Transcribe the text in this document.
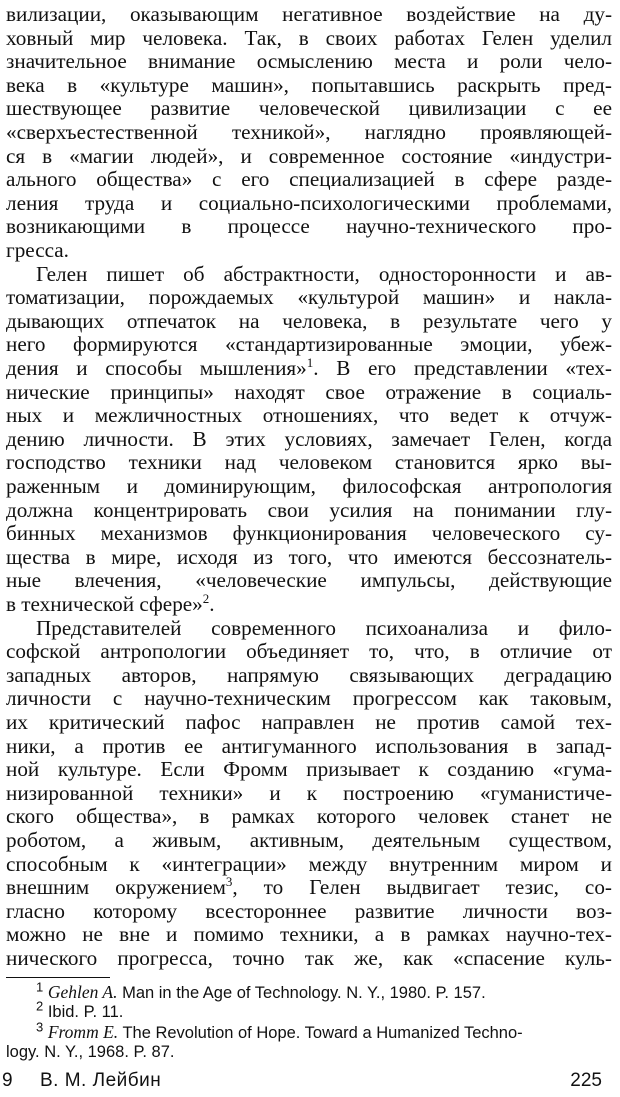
вилизации, оказывающим негативное воздействие на ду-
ховный мир человека. Так, в своих работах Гелен уделил
значительное внимание осмыслению места и роли чело-
века в «культуре машин», попытавшись раскрыть пред-
шествующее развитие человеческой цивилизации с ее
«сверхъестественной техникой», наглядно проявляющей-
ся в «магии людей», и современное состояние «индустри-
ального общества» с его специализацией в сфере разде-
ления труда и социально-психологическими проблемами,
возникающими в процессе научно-технического про-
гресса.
Гелен пишет об абстрактности, односторонности и ав-
томатизации, порождаемых «культурой машин» и накла-
дывающих отпечаток на человека, в результате чего у
него формируются «стандартизированные эмоции, убеж-
дения и способы мышления»$^1$. В его представлении «тех-
нические принципы» находят свое отражение в социаль-
ных и межличностных отношениях, что ведет к отчуж-
дению личности. В этих условиях, замечает Гелен, когда
господство техники над человеком становится ярко вы-
раженным и доминирующим, философская антропология
должна концентрировать свои усилия на понимании глу-
бинных механизмов функционирования человеческого су-
щества в мире, исходя из того, что имеются бессознатель-
ные влечения, «человеческие импульсы, действующие
в технической сфере»$^2$.
Представителей современного психоанализа и фило-
софской антропологии объединяет то, что, в отличие от
западных авторов, напрямую связывающих деградацию
личности с научно-техническим прогрессом как таковым,
их критический пафос направлен не против самой тех-
ники, а против ее антигуманного использования в запад-
ной культуре. Если Фромм призывает к созданию «гума-
низированной техники» и к построению «гуманистиче-
ского общества», в рамках которого человек станет не
роботом, а живым, активным, деятельным существом,
способным к «интеграции» между внутренним миром и
внешним окружением$^3$, то Гелен выдвигает тезис, со-
гласно которому всестороннее развитие личности воз-
можно не вне и помимо техники, а в рамках научно-тех-
нического прогресса, точно так же, как «спасение куль-
$^1$ Gehlen A. Man in the Age of Technology. N. Y., 1980. P. 157.
$^2$ Ibid. P. 11.
$^3$ Fromm E. The Revolution of Hope. Toward a Humanized Techno-
logy. N. Y., 1968. P. 87.
9 В. М. Лейбин	225
